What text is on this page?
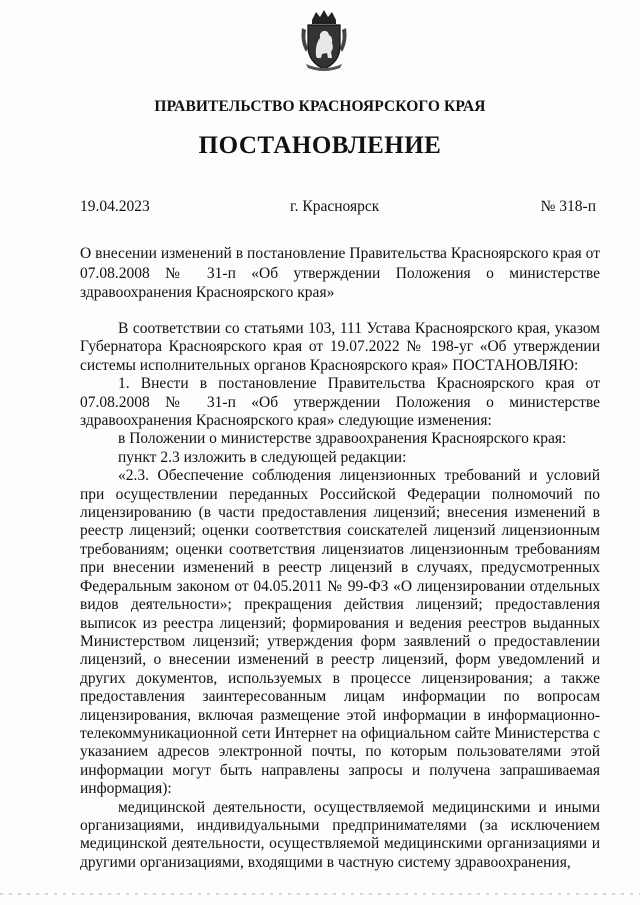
ПРАВИТЕЛЬСТВО КРАСНОЯРСКОГО КРАЯ
ПОСТАНОВЛЕНИЕ
19.04.2023	г. Красноярск	№ 318-п
О внесении изменений в постановление Правительства Красноярского края от 07.08.2008 № 31-п «Об утверждении Положения о министерстве здравоохранения Красноярского края»

В соответствии со статьями 103, 111 Устава Красноярского края, указом Губернатора Красноярского края от 19.07.2022 № 198-уг «Об утверждении системы исполнительных органов Красноярского края» ПОСТАНОВЛЯЮ:

1. Внести в постановление Правительства Красноярского края от 07.08.2008 № 31-п «Об утверждении Положения о министерстве здравоохранения Красноярского края» следующие изменения:

в Положении о министерстве здравоохранения Красноярского края:

пункт 2.3 изложить в следующей редакции:

«2.3. Обеспечение соблюдения лицензионных требований и условий при осуществлении переданных Российской Федерации полномочий по лицензированию (в части предоставления лицензий; внесения изменений в реестр лицензий; оценки соответствия соискателей лицензий лицензионным требованиям; оценки соответствия лицензиатов лицензионным требованиям при внесении изменений в реестр лицензий в случаях, предусмотренных Федеральным законом от 04.05.2011 № 99-ФЗ «О лицензировании отдельных видов деятельности»; прекращения действия лицензий; предоставления выписок из реестра лицензий; формирования и ведения реестров выданных Министерством лицензий; утверждения форм заявлений о предоставлении лицензий, о внесении изменений в реестр лицензий, форм уведомлений и других документов, используемых в процессе лицензирования; а также предоставления заинтересованным лицам информации по вопросам лицензирования, включая размещение этой информации в информационно-телекоммуникационной сети Интернет на официальном сайте Министерства с указанием адресов электронной почты, по которым пользователями этой информации могут быть направлены запросы и получена запрашиваемая информация):

медицинской деятельности, осуществляемой медицинскими и иными организациями, индивидуальными предпринимателями (за исключением медицинской деятельности, осуществляемой медицинскими организациями и другими организациями, входящими в частную систему здравоохранения,
